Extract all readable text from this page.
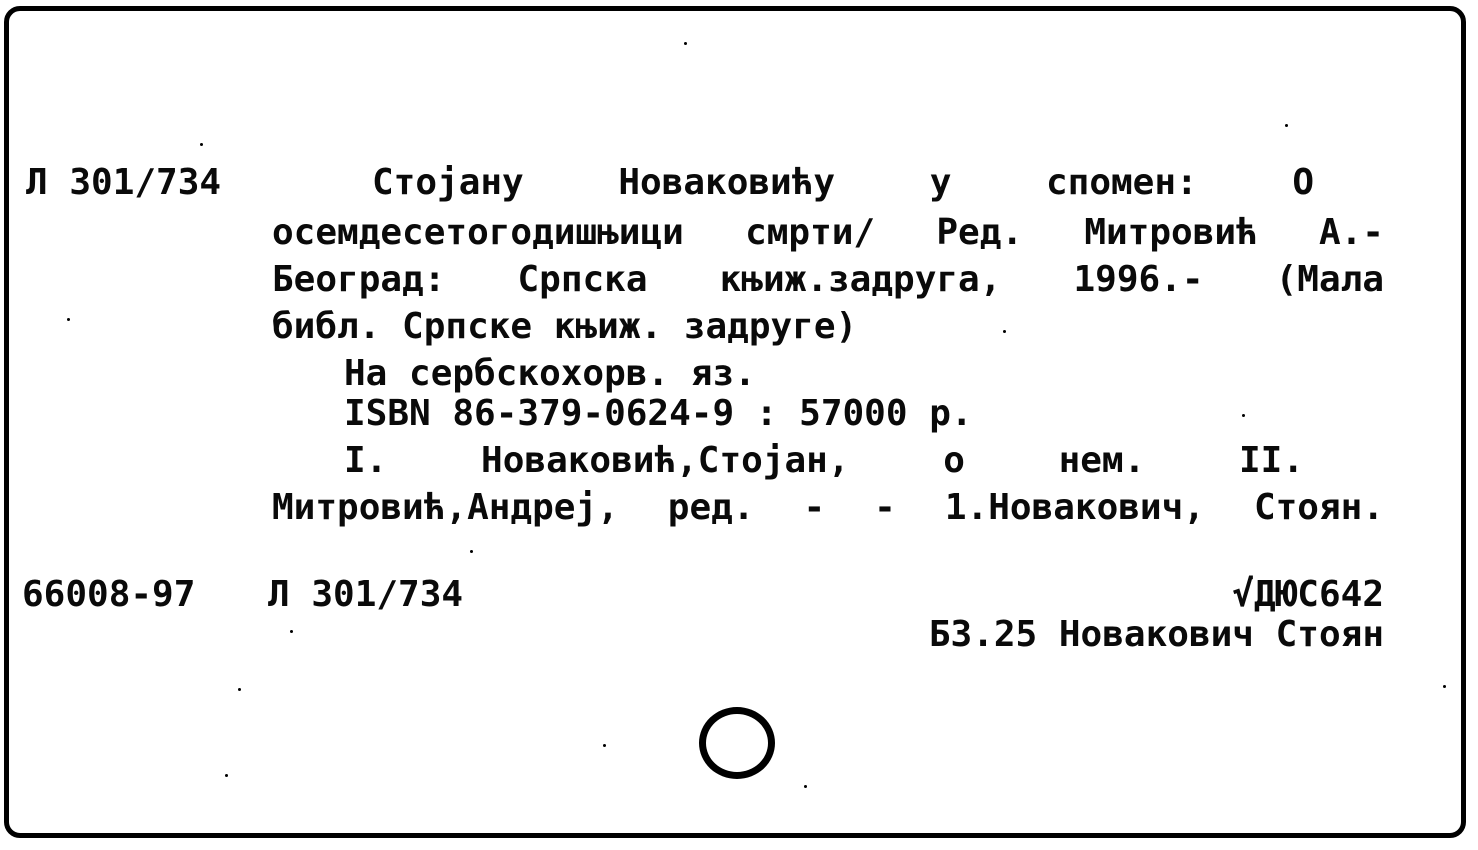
Л 301/734	Стојану	Новаковићу	у	спомен:	О
осемдесетогодишњици смрти/ Ред. Митровић А.-
Београд: Српска књиж.задруга, 1996.- (Мала
библ. Српске књиж. задруге)
На сербскохорв. яз.
ISBN 86-379-0624-9 : 57000 р.
I.	Новаковић,Стојан,	о	нем.	II.
Митровић,Андреј, ред. - - 1.Новакович, Стоян.
66008-97 Л 301/734	√ДЮС642
БЗ.25 Новакович Стоян
